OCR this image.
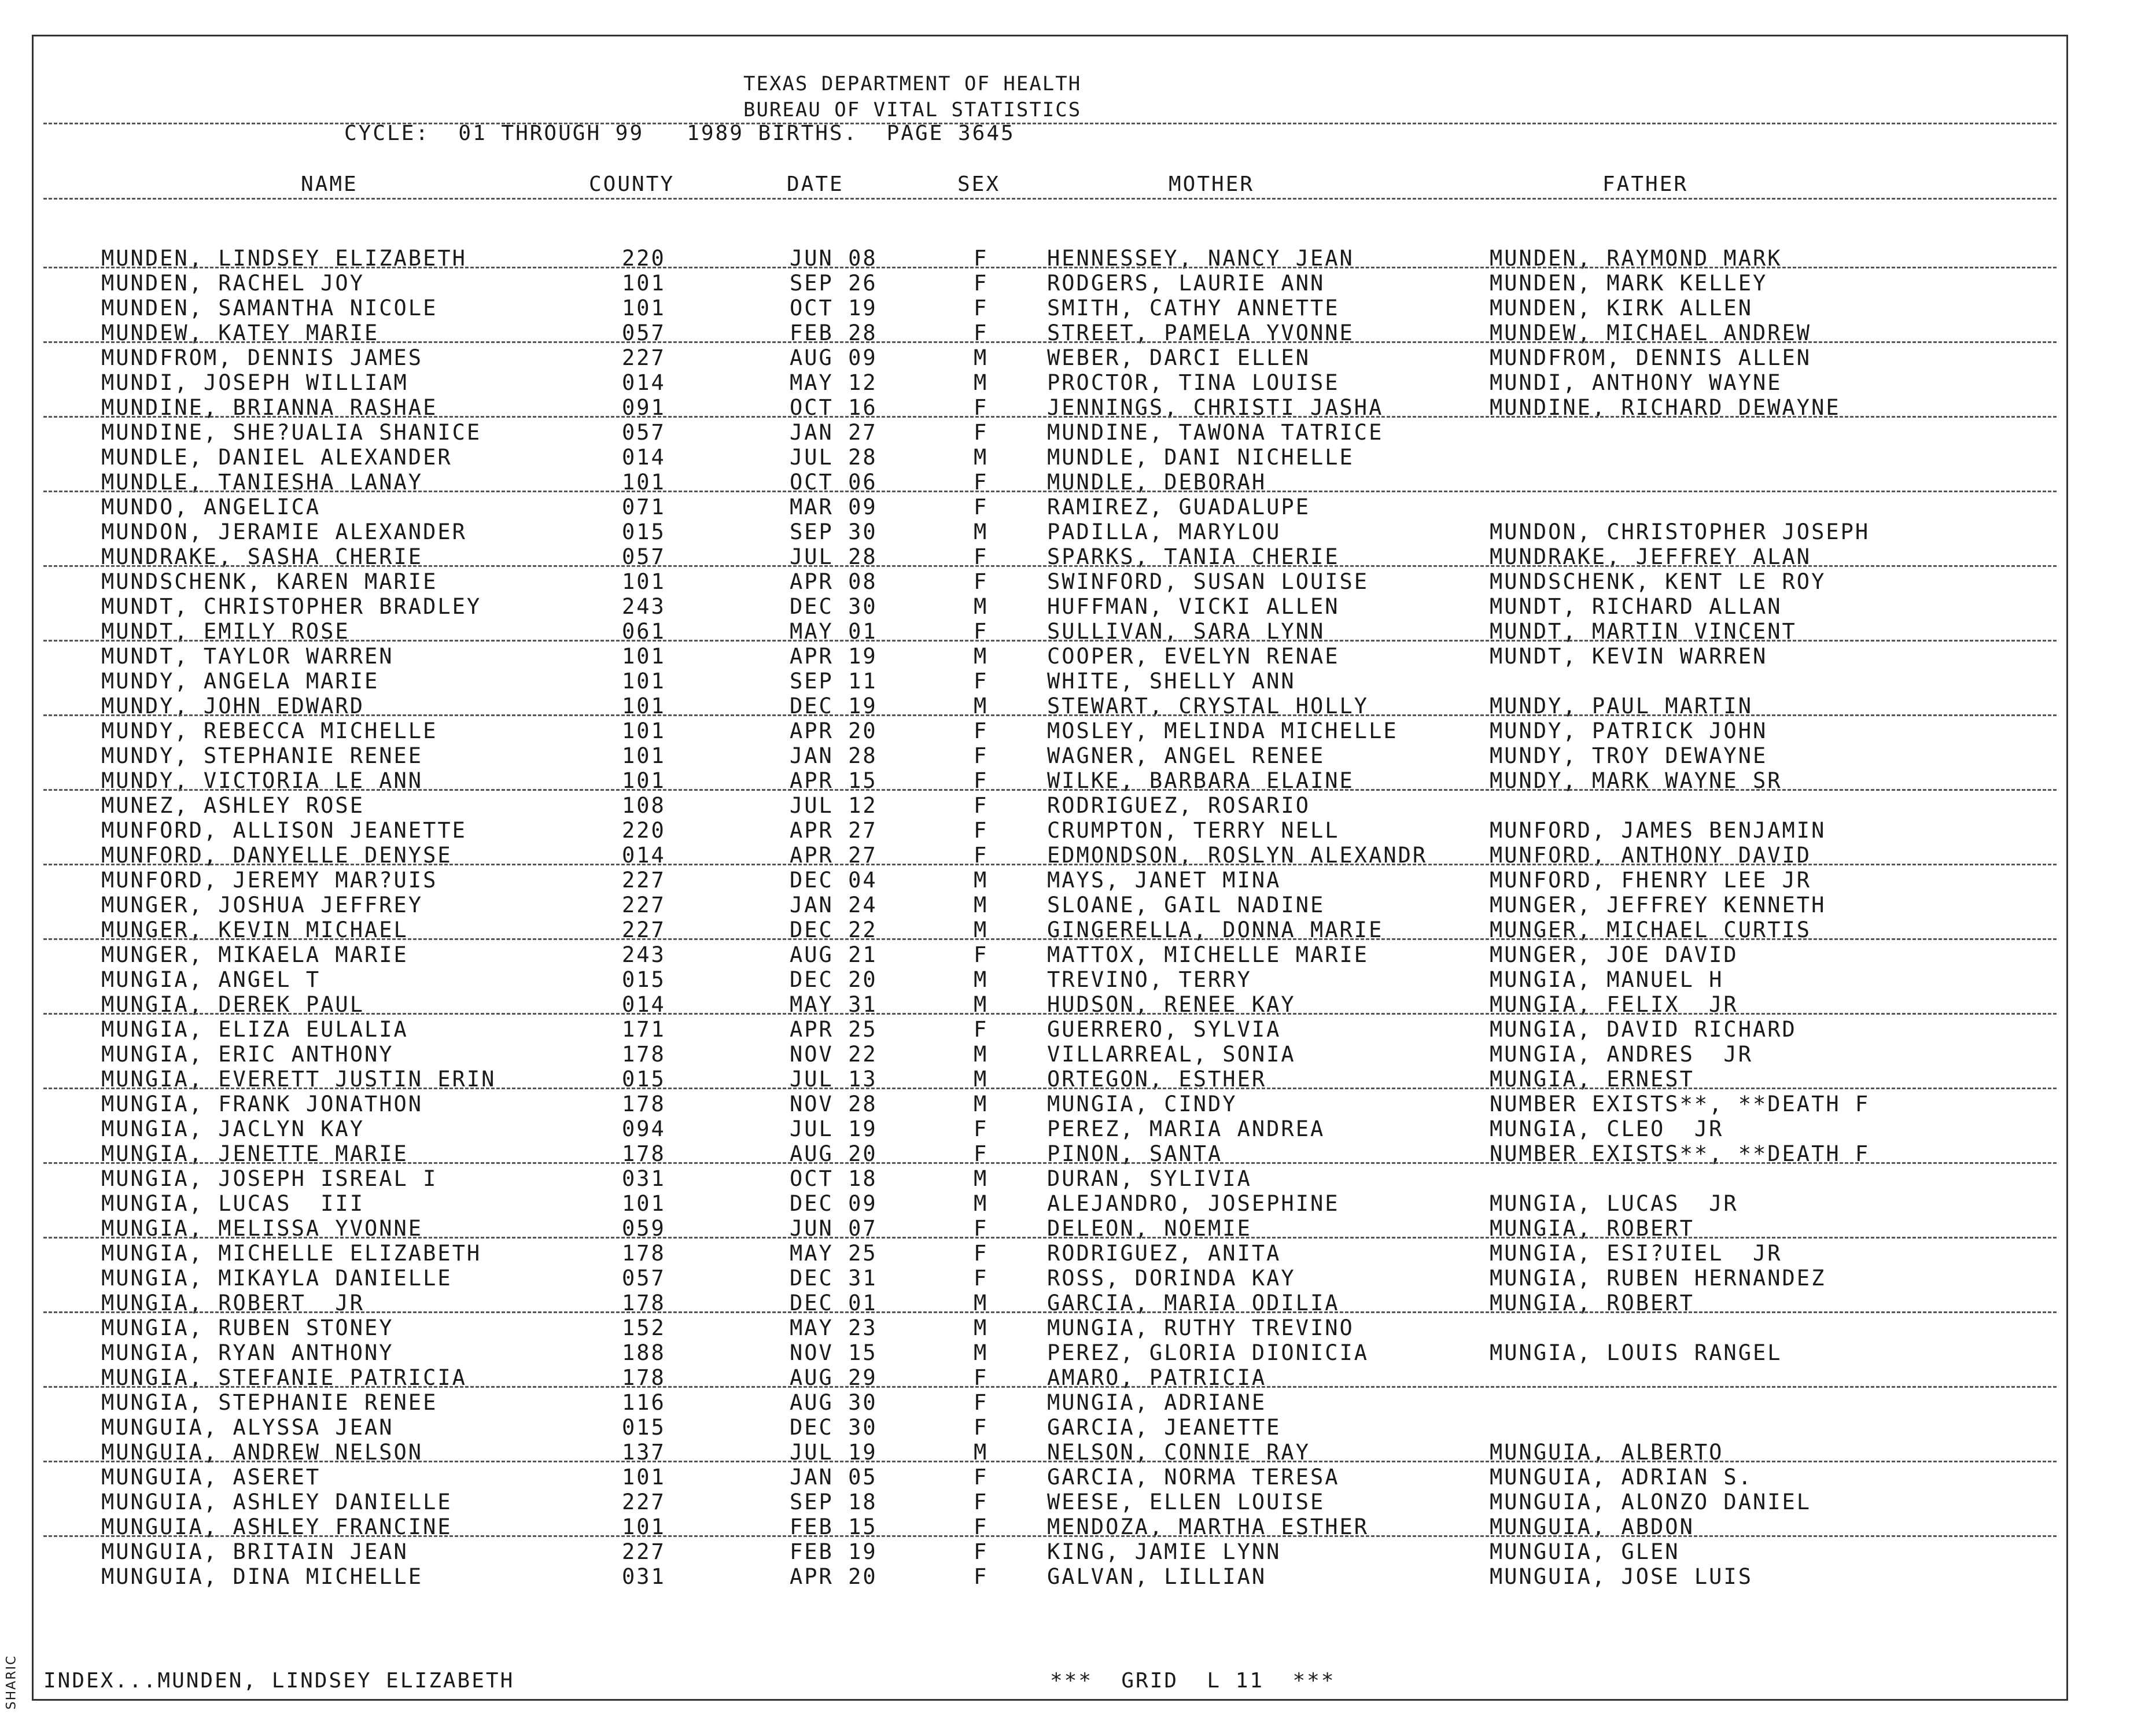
TEXAS DEPARTMENT OF HEALTH
BUREAU OF VITAL STATISTICS
CYCLE:  01 THROUGH 99   1989 BIRTHS.  PAGE 3645
NAME	COUNTY	DATE	SEX	MOTHER	FATHER
MUNDEN, LINDSEY ELIZABETH	220	JUN 08	F	HENNESSEY, NANCY JEAN	MUNDEN, RAYMOND MARK
MUNDEN, RACHEL JOY	101	SEP 26	F	RODGERS, LAURIE ANN	MUNDEN, MARK KELLEY
MUNDEN, SAMANTHA NICOLE	101	OCT 19	F	SMITH, CATHY ANNETTE	MUNDEN, KIRK ALLEN
MUNDEW, KATEY MARIE	057	FEB 28	F	STREET, PAMELA YVONNE	MUNDEW, MICHAEL ANDREW
MUNDFROM, DENNIS JAMES	227	AUG 09	M	WEBER, DARCI ELLEN	MUNDFROM, DENNIS ALLEN
MUNDI, JOSEPH WILLIAM	014	MAY 12	M	PROCTOR, TINA LOUISE	MUNDI, ANTHONY WAYNE
MUNDINE, BRIANNA RASHAE	091	OCT 16	F	JENNINGS, CHRISTI JASHA	MUNDINE, RICHARD DEWAYNE
MUNDINE, SHE?UALIA SHANICE	057	JAN 27	F	MUNDINE, TAWONA TATRICE
MUNDLE, DANIEL ALEXANDER	014	JUL 28	M	MUNDLE, DANI NICHELLE
MUNDLE, TANIESHA LANAY	101	OCT 06	F	MUNDLE, DEBORAH
MUNDO, ANGELICA	071	MAR 09	F	RAMIREZ, GUADALUPE
MUNDON, JERAMIE ALEXANDER	015	SEP 30	M	PADILLA, MARYLOU	MUNDON, CHRISTOPHER JOSEPH
MUNDRAKE, SASHA CHERIE	057	JUL 28	F	SPARKS, TANIA CHERIE	MUNDRAKE, JEFFREY ALAN
MUNDSCHENK, KAREN MARIE	101	APR 08	F	SWINFORD, SUSAN LOUISE	MUNDSCHENK, KENT LE ROY
MUNDT, CHRISTOPHER BRADLEY	243	DEC 30	M	HUFFMAN, VICKI ALLEN	MUNDT, RICHARD ALLAN
MUNDT, EMILY ROSE	061	MAY 01	F	SULLIVAN, SARA LYNN	MUNDT, MARTIN VINCENT
MUNDT, TAYLOR WARREN	101	APR 19	M	COOPER, EVELYN RENAE	MUNDT, KEVIN WARREN
MUNDY, ANGELA MARIE	101	SEP 11	F	WHITE, SHELLY ANN
MUNDY, JOHN EDWARD	101	DEC 19	M	STEWART, CRYSTAL HOLLY	MUNDY, PAUL MARTIN
MUNDY, REBECCA MICHELLE	101	APR 20	F	MOSLEY, MELINDA MICHELLE	MUNDY, PATRICK JOHN
MUNDY, STEPHANIE RENEE	101	JAN 28	F	WAGNER, ANGEL RENEE	MUNDY, TROY DEWAYNE
MUNDY, VICTORIA LE ANN	101	APR 15	F	WILKE, BARBARA ELAINE	MUNDY, MARK WAYNE SR
MUNEZ, ASHLEY ROSE	108	JUL 12	F	RODRIGUEZ, ROSARIO
MUNFORD, ALLISON JEANETTE	220	APR 27	F	CRUMPTON, TERRY NELL	MUNFORD, JAMES BENJAMIN
MUNFORD, DANYELLE DENYSE	014	APR 27	F	EDMONDSON, ROSLYN ALEXANDR	MUNFORD, ANTHONY DAVID
MUNFORD, JEREMY MAR?UIS	227	DEC 04	M	MAYS, JANET MINA	MUNFORD, FHENRY LEE JR
MUNGER, JOSHUA JEFFREY	227	JAN 24	M	SLOANE, GAIL NADINE	MUNGER, JEFFREY KENNETH
MUNGER, KEVIN MICHAEL	227	DEC 22	M	GINGERELLA, DONNA MARIE	MUNGER, MICHAEL CURTIS
MUNGER, MIKAELA MARIE	243	AUG 21	F	MATTOX, MICHELLE MARIE	MUNGER, JOE DAVID
MUNGIA, ANGEL T	015	DEC 20	M	TREVINO, TERRY	MUNGIA, MANUEL H
MUNGIA, DEREK PAUL	014	MAY 31	M	HUDSON, RENEE KAY	MUNGIA, FELIX  JR
MUNGIA, ELIZA EULALIA	171	APR 25	F	GUERRERO, SYLVIA	MUNGIA, DAVID RICHARD
MUNGIA, ERIC ANTHONY	178	NOV 22	M	VILLARREAL, SONIA	MUNGIA, ANDRES  JR
MUNGIA, EVERETT JUSTIN ERIN	015	JUL 13	M	ORTEGON, ESTHER	MUNGIA, ERNEST
MUNGIA, FRANK JONATHON	178	NOV 28	M	MUNGIA, CINDY	NUMBER EXISTS**, **DEATH F
MUNGIA, JACLYN KAY	094	JUL 19	F	PEREZ, MARIA ANDREA	MUNGIA, CLEO  JR
MUNGIA, JENETTE MARIE	178	AUG 20	F	PINON, SANTA	NUMBER EXISTS**, **DEATH F
MUNGIA, JOSEPH ISREAL I	031	OCT 18	M	DURAN, SYLIVIA
MUNGIA, LUCAS  III	101	DEC 09	M	ALEJANDRO, JOSEPHINE	MUNGIA, LUCAS  JR
MUNGIA, MELISSA YVONNE	059	JUN 07	F	DELEON, NOEMIE	MUNGIA, ROBERT
MUNGIA, MICHELLE ELIZABETH	178	MAY 25	F	RODRIGUEZ, ANITA	MUNGIA, ESI?UIEL  JR
MUNGIA, MIKAYLA DANIELLE	057	DEC 31	F	ROSS, DORINDA KAY	MUNGIA, RUBEN HERNANDEZ
MUNGIA, ROBERT  JR	178	DEC 01	M	GARCIA, MARIA ODILIA	MUNGIA, ROBERT
MUNGIA, RUBEN STONEY	152	MAY 23	M	MUNGIA, RUTHY TREVINO
MUNGIA, RYAN ANTHONY	188	NOV 15	M	PEREZ, GLORIA DIONICIA	MUNGIA, LOUIS RANGEL
MUNGIA, STEFANIE PATRICIA	178	AUG 29	F	AMARO, PATRICIA
MUNGIA, STEPHANIE RENEE	116	AUG 30	F	MUNGIA, ADRIANE
MUNGUIA, ALYSSA JEAN	015	DEC 30	F	GARCIA, JEANETTE
MUNGUIA, ANDREW NELSON	137	JUL 19	M	NELSON, CONNIE RAY	MUNGUIA, ALBERTO
MUNGUIA, ASERET	101	JAN 05	F	GARCIA, NORMA TERESA	MUNGUIA, ADRIAN S.
MUNGUIA, ASHLEY DANIELLE	227	SEP 18	F	WEESE, ELLEN LOUISE	MUNGUIA, ALONZO DANIEL
MUNGUIA, ASHLEY FRANCINE	101	FEB 15	F	MENDOZA, MARTHA ESTHER	MUNGUIA, ABDON
MUNGUIA, BRITAIN JEAN	227	FEB 19	F	KING, JAMIE LYNN	MUNGUIA, GLEN
MUNGUIA, DINA MICHELLE	031	APR 20	F	GALVAN, LILLIAN	MUNGUIA, JOSE LUIS
INDEX...MUNDEN, LINDSEY ELIZABETH	***  GRID  L 11  ***
SHARIC
